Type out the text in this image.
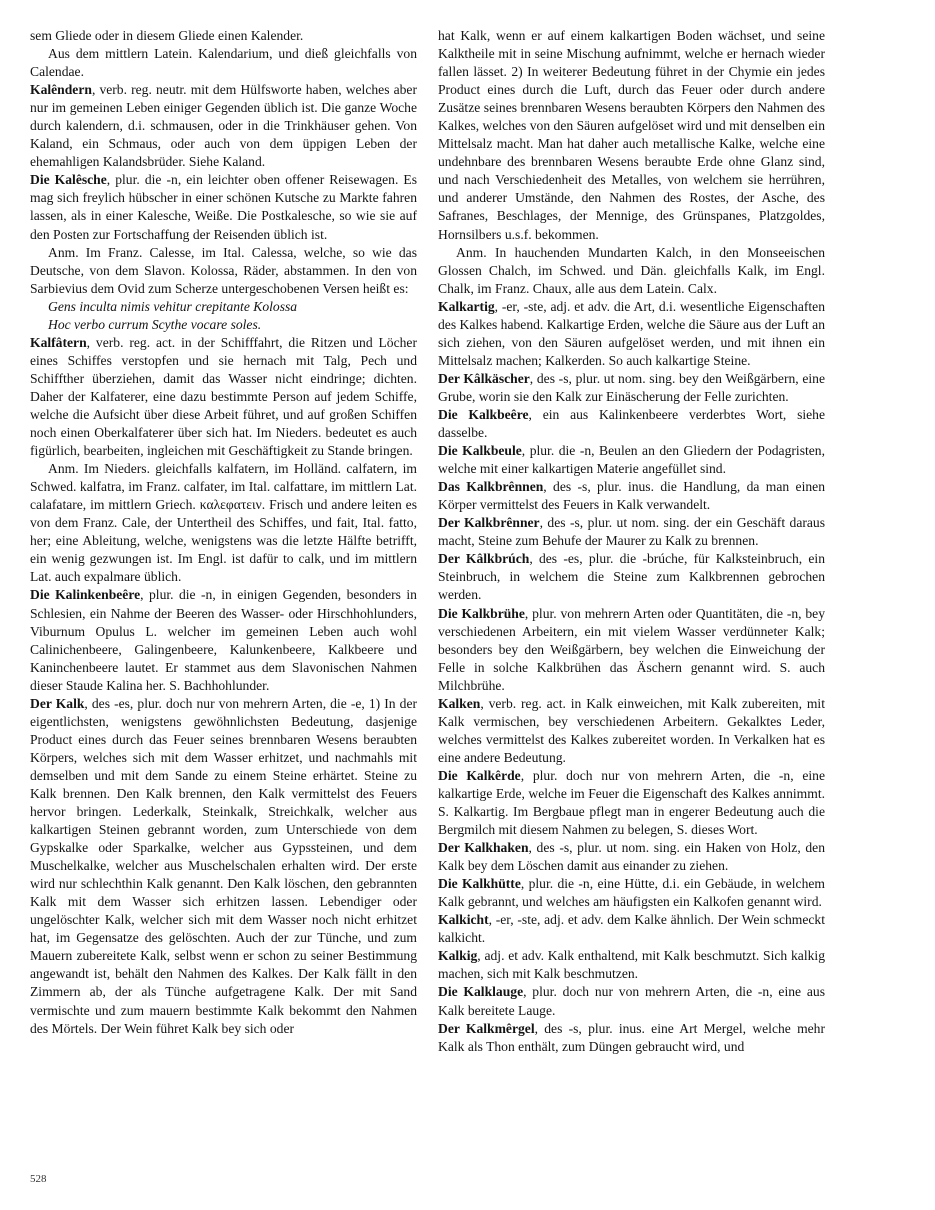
sem Gliede oder in diesem Gliede einen Kalender.

Aus dem mittlern Latein. Kalendarium, und dieß gleichfalls von Calendae.

Kalêndern, verb. reg. neutr. mit dem Hülfsworte haben, welches aber nur im gemeinen Leben einiger Gegenden üblich ist. Die ganze Woche durch kalendern, d.i. schmausen, oder in die Trinkhäuser gehen. Von Kaland, ein Schmaus, oder auch von dem üppigen Leben der ehemahligen Kalandsbrüder. Siehe Kaland.

Die Kalêsche, plur. die -n, ein leichter oben offener Reisewagen. Es mag sich freylich hübscher in einer schönen Kutsche zu Markte fahren lassen, als in einer Kalesche, Weiße. Die Postkalesche, so wie sie auf den Posten zur Fortschaffung der Reisenden üblich ist.

Anm. Im Franz. Calesse, im Ital. Calessa, welche, so wie das Deutsche, von dem Slavon. Kolossa, Räder, abstammen. In den von Sarbievius dem Ovid zum Scherze untergeschobenen Versen heißt es:

Gens inculta nimis vehitur crepitante Kolossa

Hoc verbo currum Scythe vocare soles.

Kalfâtern, verb. reg. act. in der Schifffahrt, die Ritzen und Löcher eines Schiffes verstopfen und sie hernach mit Talg, Pech und Schiffther überziehen, damit das Wasser nicht eindringe; dichten. Daher der Kalfaterer, eine dazu bestimmte Person auf jedem Schiffe, welche die Aufsicht über diese Arbeit führet, und auf großen Schiffen noch einen Oberkalfaterer über sich hat. Im Nieders. bedeutet es auch figürlich, bearbeiten, ingleichen mit Geschäftigkeit zu Stande bringen.

Anm. Im Nieders. gleichfalls kalfatern, im Holländ. calfatern, im Schwed. kalfatra, im Franz. calfater, im Ital. calfattare, im mittlern Lat. calafatare, im mittlern Griech. καλεφατειν. Frisch und andere leiten es von dem Franz. Cale, der Untertheil des Schiffes, und fait, Ital. fatto, her; eine Ableitung, welche, wenigstens was die letzte Hälfte betrifft, ein wenig gezwungen ist. Im Engl. ist dafür to calk, und im mittlern Lat. auch expalmare üblich.

Die Kalinkenbeêre, plur. die -n, in einigen Gegenden, besonders in Schlesien, ein Nahme der Beeren des Wasser- oder Hirschhohlunders, Viburnum Opulus L. welcher im gemeinen Leben auch wohl Calinichenbeere, Galingenbeere, Kalunkenbeere, Kalkbeere und Kaninchenbeere lautet. Er stammet aus dem Slavonischen Nahmen dieser Staude Kalina her. S. Bachhohlunder.

Der Kalk, des -es, plur. doch nur von mehrern Arten, die -e, 1) In der eigentlichsten, wenigstens gewöhnlichsten Bedeutung, dasjenige Product eines durch das Feuer seines brennbaren Wesens beraubten Körpers, welches sich mit dem Wasser erhitzet, und nachmahls mit demselben und mit dem Sande zu einem Steine erhärtet. Steine zu Kalk brennen. Den Kalk brennen, den Kalk vermittelst des Feuers hervor bringen. Lederkalk, Steinkalk, Streichkalk, welcher aus kalkartigen Steinen gebrannt worden, zum Unterschiede von dem Gypskalke oder Sparkalke, welcher aus Gypssteinen, und dem Muschelkalke, welcher aus Muschelschalen erhalten wird. Der erste wird nur schlechthin Kalk genannt. Den Kalk löschen, den gebrannten Kalk mit dem Wasser sich erhitzen lassen. Lebendiger oder ungelöschter Kalk, welcher sich mit dem Wasser noch nicht erhitzet hat, im Gegensatze des gelöschten. Auch der zur Tünche, und zum Mauern zubereitete Kalk, selbst wenn er schon zu seiner Bestimmung angewandt ist, behält den Nahmen des Kalkes. Der Kalk fällt in den Zimmern ab, der als Tünche aufgetragene Kalk. Der mit Sand vermischte und zum mauern bestimmte Kalk bekommt den Nahmen des Mörtels. Der Wein führet Kalk bey sich oder

hat Kalk, wenn er auf einem kalkartigen Boden wächset, und seine Kalktheile mit in seine Mischung aufnimmt, welche er hernach wieder fallen lässet. 2) In weiterer Bedeutung führet in der Chymie ein jedes Product eines durch die Luft, durch das Feuer oder durch andere Zusätze seines brennbaren Wesens beraubten Körpers den Nahmen des Kalkes, welches von den Säuren aufgelöset wird und mit denselben ein Mittelsalz macht. Man hat daher auch metallische Kalke, welche eine undehnbare des brennbaren Wesens beraubte Erde ohne Glanz sind, und nach Verschiedenheit des Metalles, von welchem sie herrühren, und anderer Umstände, den Nahmen des Rostes, der Asche, des Safranes, Beschlages, der Mennige, des Grünspanes, Platzgoldes, Hornsilbers u.s.f. bekommen.

Anm. In hauchenden Mundarten Kalch, in den Monseeischen Glossen Chalch, im Schwed. und Dän. gleichfalls Kalk, im Engl. Chalk, im Franz. Chaux, alle aus dem Latein. Calx.

Kalkartig, -er, -ste, adj. et adv. die Art, d.i. wesentliche Eigenschaften des Kalkes habend. Kalkartige Erden, welche die Säure aus der Luft an sich ziehen, von den Säuren aufgelöset werden, und mit ihnen ein Mittelsalz machen; Kalkerden. So auch kalkartige Steine.

Der Kâlkäscher, des -s, plur. ut nom. sing. bey den Weißgärbern, eine Grube, worin sie den Kalk zur Einäscherung der Felle zurichten.

Die Kalkbeêre, ein aus Kalinkenbeere verderbtes Wort, siehe dasselbe.

Die Kalkbeule, plur. die -n, Beulen an den Gliedern der Podagristen, welche mit einer kalkartigen Materie angefüllet sind.

Das Kalkbrênnen, des -s, plur. inus. die Handlung, da man einen Körper vermittelst des Feuers in Kalk verwandelt.

Der Kalkbrênner, des -s, plur. ut nom. sing. der ein Geschäft daraus macht, Steine zum Behufe der Maurer zu Kalk zu brennen.

Der Kâlkbrúch, des -es, plur. die -brúche, für Kalksteinbruch, ein Steinbruch, in welchem die Steine zum Kalkbrennen gebrochen werden.

Die Kalkbrühe, plur. von mehrern Arten oder Quantitäten, die -n, bey verschiedenen Arbeitern, ein mit vielem Wasser verdünneter Kalk; besonders bey den Weißgärbern, bey welchen die Einweichung der Felle in solche Kalkbrühen das Äschern genannt wird. S. auch Milchbrühe.

Kalken, verb. reg. act. in Kalk einweichen, mit Kalk zubereiten, mit Kalk vermischen, bey verschiedenen Arbeitern. Gekalktes Leder, welches vermittelst des Kalkes zubereitet worden. In Verkalken hat es eine andere Bedeutung.

Die Kalkêrde, plur. doch nur von mehrern Arten, die -n, eine kalkartige Erde, welche im Feuer die Eigenschaft des Kalkes annimmt. S. Kalkartig. Im Bergbaue pflegt man in engerer Bedeutung auch die Bergmilch mit diesem Nahmen zu belegen, S. dieses Wort.

Der Kalkhaken, des -s, plur. ut nom. sing. ein Haken von Holz, den Kalk bey dem Löschen damit aus einander zu ziehen.

Die Kalkhütte, plur. die -n, eine Hütte, d.i. ein Gebäude, in welchem Kalk gebrannt, und welches am häufigsten ein Kalkofen genannt wird.

Kalkicht, -er, -ste, adj. et adv. dem Kalke ähnlich. Der Wein schmeckt kalkicht.

Kalkig, adj. et adv. Kalk enthaltend, mit Kalk beschmutzt. Sich kalkig machen, sich mit Kalk beschmutzen.

Die Kalklauge, plur. doch nur von mehrern Arten, die -n, eine aus Kalk bereitete Lauge.

Der Kalkmêrgel, des -s, plur. inus. eine Art Mergel, welche mehr Kalk als Thon enthält, zum Düngen gebraucht wird, und

528
